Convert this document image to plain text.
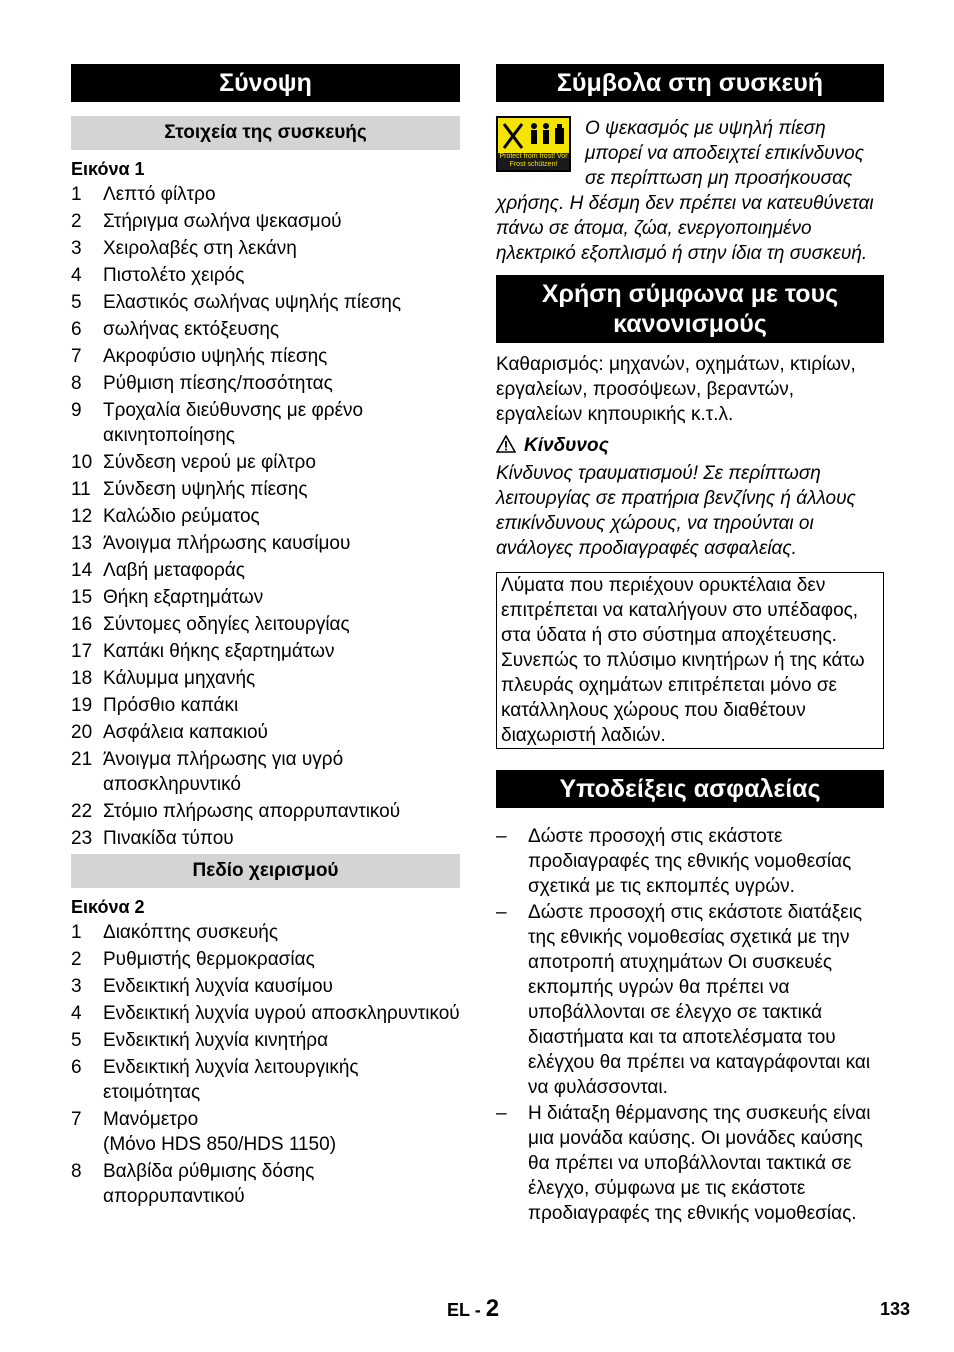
Σύνοψη
Στοιχεία της συσκευής
Εικόνα 1
1	Λεπτό φίλτρο
2	Στήριγμα σωλήνα ψεκασμού
3	Χειρολαβές στη λεκάνη
4	Πιστολέτο χειρός
5	Ελαστικός σωλήνας υψηλής πίεσης
6	σωλήνας εκτόξευσης
7	Ακροφύσιο υψηλής πίεσης
8	Ρύθμιση πίεσης/ποσότητας
9	Τροχαλία διεύθυνσης με φρένο ακινητοποίησης
10 Σύνδεση νερού με φίλτρο
11 Σύνδεση υψηλής πίεσης
12 Καλώδιο ρεύματος
13 Άνοιγμα πλήρωσης καυσίμου
14 Λαβή μεταφοράς
15 Θήκη εξαρτημάτων
16 Σύντομες οδηγίες λειτουργίας
17 Καπάκι θήκης εξαρτημάτων
18 Κάλυμμα μηχανής
19 Πρόσθιο καπάκι
20 Ασφάλεια καπακιού
21 Άνοιγμα πλήρωσης για υγρό αποσκληρυντικό
22 Στόμιο πλήρωσης απορρυπαντικού
23 Πινακίδα τύπου
Πεδίο χειρισμού
Εικόνα 2
1	Διακόπτης συσκευής
2	Ρυθμιστής θερμοκρασίας
3	Ενδεικτική λυχνία καυσίμου
4	Ενδεικτική λυχνία υγρού αποσκληρυντικού
5	Ενδεικτική λυχνία κινητήρα
6	Ενδεικτική λυχνία λειτουργικής ετοιμότητας
7	Μανόμετρο
(Μόνο HDS 850/HDS 1150)
8	Βαλβίδα ρύθμισης δόσης απορρυπαντικού
Σύμβολα στη συσκευή
Protect from frost! Vor Frost schützen!
Ο ψεκασμός με υψηλή πίεση μπορεί να αποδειχτεί επικίνδυνος σε περίπτωση μη προσήκουσας χρήσης. Η δέσμη δεν πρέπει να κατευθύνεται πάνω σε άτομα, ζώα, ενεργοποιημένο ηλεκτρικό εξοπλισμό ή στην ίδια τη συσκευή.
Χρήση σύμφωνα με τους κανονισμούς
Καθαρισμός: μηχανών, οχημάτων, κτιρίων, εργαλείων, προσόψεων, βεραντών, εργαλείων κηπουρικής κ.τ.λ.
Κίνδυνος
Κίνδυνος τραυματισμού! Σε περίπτωση λειτουργίας σε πρατήρια βενζίνης ή άλλους επικίνδυνους χώρους, να τηρούνται οι ανάλογες προδιαγραφές ασφαλείας.
Λύματα που περιέχουν ορυκτέλαια δεν επιτρέπεται να καταλήγουν στο υπέδαφος, στα ύδατα ή στο σύστημα αποχέτευσης. Συνεπώς το πλύσιμο κινητήρων ή της κάτω πλευράς οχημάτων επιτρέπεται μόνο σε κατάλληλους χώρους που διαθέτουν διαχωριστή λαδιών.
Υποδείξεις ασφαλείας
–	Δώστε προσοχή στις εκάστοτε προδιαγραφές της εθνικής νομοθεσίας σχετικά με τις εκπομπές υγρών.
–	Δώστε προσοχή στις εκάστοτε διατάξεις της εθνικής νομοθεσίας σχετικά με την αποτροπή ατυχημάτων Οι συσκευές εκπομπής υγρών θα πρέπει να υποβάλλονται σε έλεγχο σε τακτικά διαστήματα και τα αποτελέσματα του ελέγχου θα πρέπει να καταγράφονται και να φυλάσσονται.
–	Η διάταξη θέρμανσης της συσκευής είναι μια μονάδα καύσης. Οι μονάδες καύσης θα πρέπει να υποβάλλονται τακτικά σε έλεγχο, σύμφωνα με τις εκάστοτε προδιαγραφές της εθνικής νομοθεσίας.
EL - 2	133
